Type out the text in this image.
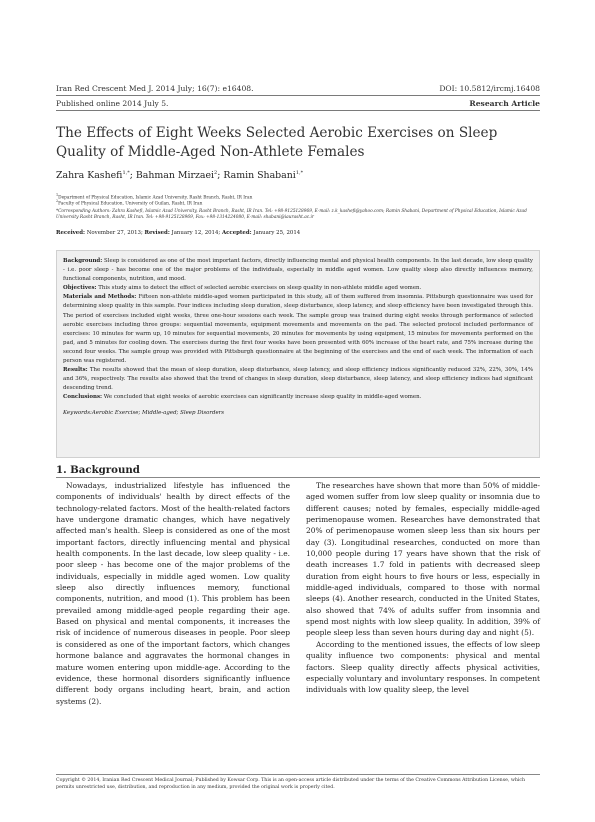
Iran Red Crescent Med J. 2014 July; 16(7): e16408.	DOI: 10.5812/ircmj.16408
Published online 2014 July 5.	Research Article
The Effects of Eight Weeks Selected Aerobic Exercises on Sleep Quality of Middle-Aged Non-Athlete Females
Zahra Kashefi$^{1,*}$; Bahman Mirzaei$^2$; Ramin Shabani$^{1,*}$
$^1$Department of Physical Education, Islamic Azad University, Rasht Branch, Rasht, IR Iran
$^2$Faculty of Physical Education, University of Guilan, Rasht, IR Iran
*Corresponding Authors: Zahra Kashefi, Islamic Azad University, Rasht Branch, Rasht, IR Iran. Tel: +98-9125128969, E-mail: z.k_kashefi@yahoo.com; Ramin Shabani, Department of Physical Education, Islamic Azad University Rasht Branch, Rasht, IR Iran. Tel: +98-9125128969, Fax: +98-1314224080, E-mail: shabani@iaurasht.ac.ir
Received: November 27, 2013; Revised: January 12, 2014; Accepted: January 25, 2014

Background: Sleep is considered as one of the most important factors, directly influencing mental and physical health components. In the last decade, low sleep quality - i.e. poor sleep - has become one of the major problems of the individuals, especially in middle aged women. Low quality sleep also directly influences memory, functional components, nutrition, and mood.

Objectives: This study aims to detect the effect of selected aerobic exercises on sleep quality in non-athlete middle aged women.

Materials and Methods: Fifteen non-athlete middle-aged women participated in this study, all of them suffered from insomnia. Pittsburgh questionnaire was used for determining sleep quality in this sample. Four indices including sleep duration, sleep disturbance, sleep latency, and sleep efficiency have been investigated through this. The period of exercises included eight weeks, three one-hour sessions each week. The sample group was trained during eight weeks through performance of selected aerobic exercises including three groups: sequential movements, equipment movements and movements on the pad. The selected protocol included performance of exercises: 10 minutes for warm up, 10 minutes for sequential movements, 20 minutes for movements by using equipment, 15 minutes for movements performed on the pad, and 5 minutes for cooling down. The exercises during the first four weeks have been presented with 60% increase of the heart rate, and 75% increase during the second four weeks. The sample group was provided with Pittsburgh questionnaire at the beginning of the exercises and the end of each week. The information of each person was registered.

Results: The results showed that the mean of sleep duration, sleep disturbance, sleep latency, and sleep efficiency indices significantly reduced 32%, 22%, 30%, 14% and 36%, respectively. The results also showed that the trend of changes in sleep duration, sleep disturbance, sleep latency, and sleep efficiency indices had significant descending trend.

Conclusions: We concluded that eight weeks of aerobic exercises can significantly increase sleep quality in middle-aged women.

Keywords:Aerobic Exercise; Middle-aged; Sleep Disorders

1. Background

Nowadays, industrialized lifestyle has influenced the components of individuals' health by direct effects of the technology-related factors. Most of the health-related factors have undergone dramatic changes, which have negatively affected man's health. Sleep is considered as one of the most important factors, directly influencing mental and physical health components. In the last decade, low sleep quality - i.e. poor sleep - has become one of the major problems of the individuals, especially in middle aged women. Low quality sleep also directly influences memory, functional components, nutrition, and mood (1). This problem has been prevailed among middle-aged people regarding their age. Based on physical and mental components, it increases the risk of incidence of numerous diseases in people. Poor sleep is considered as one of the important factors, which changes hormone balance and aggravates the hormonal changes in mature women entering upon middle-age. According to the evidence, these hormonal disorders significantly influence different body organs including heart, brain, and action systems (2).

The researches have shown that more than 50% of middle-aged women suffer from low sleep quality or insomnia due to different causes; noted by females, especially middle-aged perimenopause women. Researches have demonstrated that 20% of perimenopause women sleep less than six hours per day (3). Longitudinal researches, conducted on more than 10,000 people during 17 years have shown that the risk of death increases 1.7 fold in patients with decreased sleep duration from eight hours to five hours or less, especially in middle-aged individuals, compared to those with normal sleeps (4). Another research, conducted in the United States, also showed that 74% of adults suffer from insomnia and spend most nights with low sleep quality. In addition, 39% of people sleep less than seven hours during day and night (5).

According to the mentioned issues, the effects of low sleep quality influence two components: physical and mental factors. Sleep quality directly affects physical activities, especially voluntary and involuntary responses. In competent individuals with low quality sleep, the level

Copyright © 2014, Iranian Red Crescent Medical Journal; Published by Kowsar Corp. This is an open-access article distributed under the terms of the Creative Commons Attribution License, which permits unrestricted use, distribution, and reproduction in any medium, provided the original work is properly cited.
